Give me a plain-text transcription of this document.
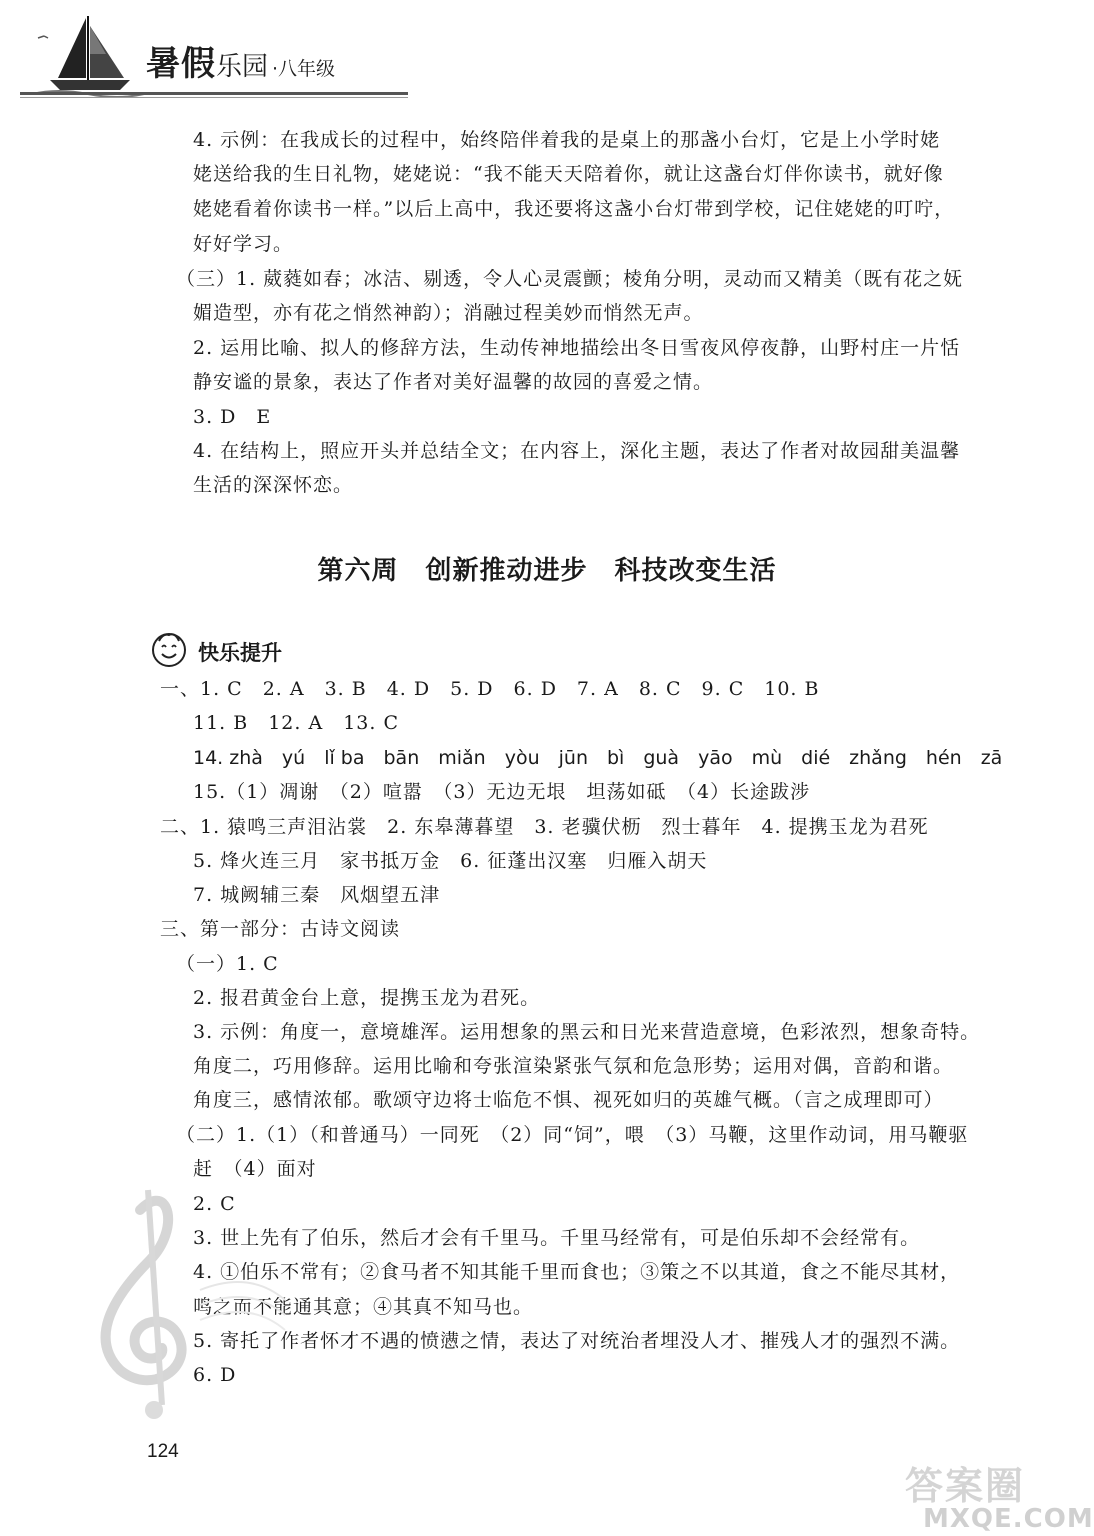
暑假乐园 ·八年级
4. 示例：在我成长的过程中，始终陪伴着我的是桌上的那盏小台灯，它是上小学时姥
姥送给我的生日礼物，姥姥说：“我不能天天陪着你，就让这盏台灯伴你读书，就好像
姥姥看着你读书一样。”以后上高中，我还要将这盏小台灯带到学校，记住姥姥的叮咛，
好好学习。
（三）1. 葳蕤如春；冰洁、剔透，令人心灵震颤；棱角分明，灵动而又精美（既有花之妩
媚造型，亦有花之悄然神韵）；消融过程美妙而悄然无声。
2. 运用比喻、拟人的修辞方法，生动传神地描绘出冬日雪夜风停夜静，山野村庄一片恬
静安谧的景象，表达了作者对美好温馨的故园的喜爱之情。
3. D　E
4. 在结构上，照应开头并总结全文；在内容上，深化主题，表达了作者对故园甜美温馨
生活的深深怀恋。
第六周　创新推动进步　科技改变生活
快乐提升
一、1. C　2. A　3. B　4. D　5. D　6. D　7. A　8. C　9. C　10. B
11. B　12. A　13. C
14. zhà　yú　lǐ ba　bān　miǎn　yòu　jūn　bì　guà　yāo　mù　dié　zhǎng　hén　zā
15.（1）凋谢　（2）喧嚣　（3）无边无垠　坦荡如砥　（4）长途跋涉
二、1. 猿鸣三声泪沾裳　2. 东皋薄暮望　3. 老骥伏枥　烈士暮年　4. 提携玉龙为君死
5. 烽火连三月　家书抵万金　6. 征蓬出汉塞　归雁入胡天
7. 城阙辅三秦　风烟望五津
三、第一部分：古诗文阅读
（一）1. C
2. 报君黄金台上意，提携玉龙为君死。
3. 示例：角度一，意境雄浑。运用想象的黑云和日光来营造意境，色彩浓烈，想象奇特。
角度二，巧用修辞。运用比喻和夸张渲染紧张气氛和危急形势；运用对偶，音韵和谐。
角度三，感情浓郁。歌颂守边将士临危不惧、视死如归的英雄气概。（言之成理即可）
（二）1.（1）（和普通马）一同死　（2）同“饲”，喂　（3）马鞭，这里作动词，用马鞭驱
赶　（4）面对
2. C
3. 世上先有了伯乐，然后才会有千里马。千里马经常有，可是伯乐却不会经常有。
4. ①伯乐不常有；②食马者不知其能千里而食也；③策之不以其道，食之不能尽其材，
鸣之而不能通其意；④其真不知马也。
5. 寄托了作者怀才不遇的愤懑之情，表达了对统治者埋没人才、摧残人才的强烈不满。
6. D
124
答案圈
MXQE.COM
